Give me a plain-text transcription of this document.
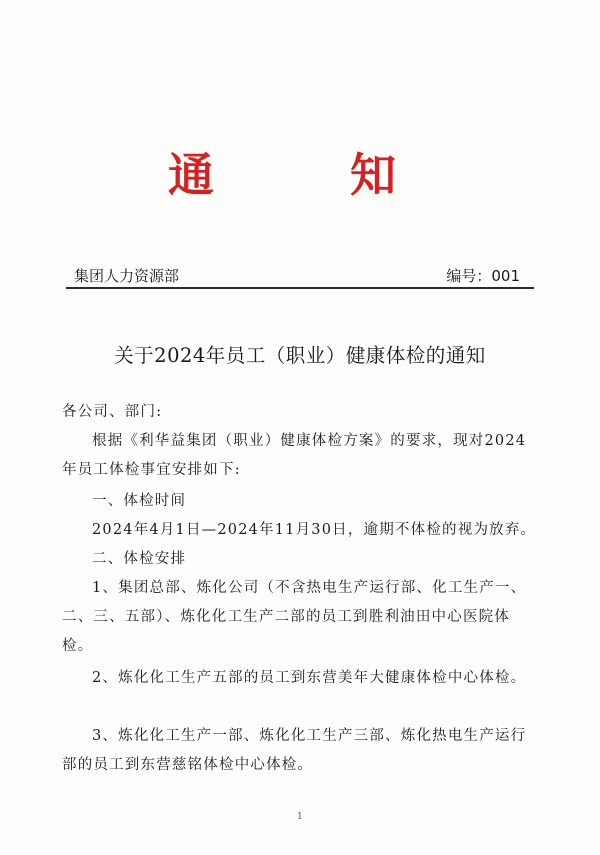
通	知
集团人力资源部	编号：001
关于2024年员工（职业）健康体检的通知

各公司、部门:

根据《利华益集团（职业）健康体检方案》的要求，现对2024年员工体检事宜安排如下:

一、体检时间

2024年4月1日—2024年11月30日，逾期不体检的视为放弃。

二、体检安排

1、集团总部、炼化公司（不含热电生产运行部、化工生产一、二、三、五部）、炼化化工生产二部的员工到胜利油田中心医院体检。

2、炼化化工生产五部的员工到东营美年大健康体检中心体检。

3、炼化化工生产一部、炼化化工生产三部、炼化热电生产运行部的员工到东营慈铭体检中心体检。

1
